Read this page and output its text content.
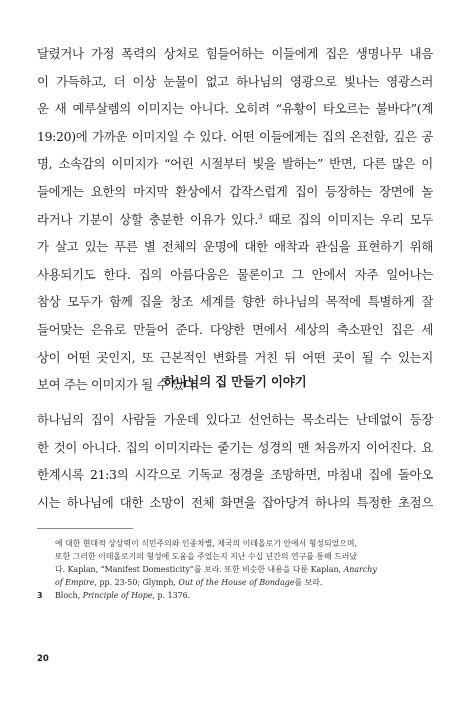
달렸거나 가정 폭력의 상처로 힘들어하는 이들에게 집은 생명나무 내음
이 가득하고, 더 이상 눈물이 없고 하나님의 영광으로 빛나는 영광스러
운 새 예루살렘의 이미지는 아니다. 오히려 “유황이 타오르는 불바다”(계
19:20)에 가까운 이미지일 수 있다. 어떤 이들에게는 집의 온전함, 깊은 공
명, 소속감의 이미지가 “어린 시절부터 빛을 발하는” 반면, 다른 많은 이
들에게는 요한의 마지막 환상에서 갑작스럽게 집이 등장하는 장면에 놀
라거나 기분이 상할 충분한 이유가 있다.$^3$ 때로 집의 이미지는 우리 모두
가 살고 있는 푸른 별 전체의 운명에 대한 애착과 관심을 표현하기 위해
사용되기도 한다. 집의 아름다움은 물론이고 그 안에서 자주 일어나는
참상 모두가 함께 집을 창조 세계를 향한 하나님의 목적에 특별하게 잘
들어맞는 은유로 만들어 준다. 다양한 면에서 세상의 축소판인 집은 세
상이 어떤 곳인지, 또 근본적인 변화를 거친 뒤 어떤 곳이 될 수 있는지
보여 주는 이미지가 될 수 있다.
하나님의 집 만들기 이야기
하나님의 집이 사람들 가운데 있다고 선언하는 목소리는 난데없이 등장
한 것이 아니다. 집의 이미지라는 줄기는 성경의 맨 처음까지 이어진다. 요
한계시록 21:3의 시각으로 기독교 정경을 조망하면, 마침내 집에 돌아오
시는 하나님에 대한 소망이 전체 화면을 잡아당겨 하나의 특정한 초점으
에 대한 현대적 상상력이 식민주의와 인종차별, 제국의 이데올로기 안에서 형성되었으며,
또한 그러한 이데올로기의 형성에 도움을 주었는지 지난 수십 년간의 연구를 통해 드러났
다. Kaplan, “Manifest Domesticity”를 보라. 또한 비슷한 내용을 다룬 Kaplan, Anarchy
of Empire, pp. 23-50; Glymph, Out of the House of Bondage를 보라.
3 Bloch, Principle of Hope, p. 1376.
20
